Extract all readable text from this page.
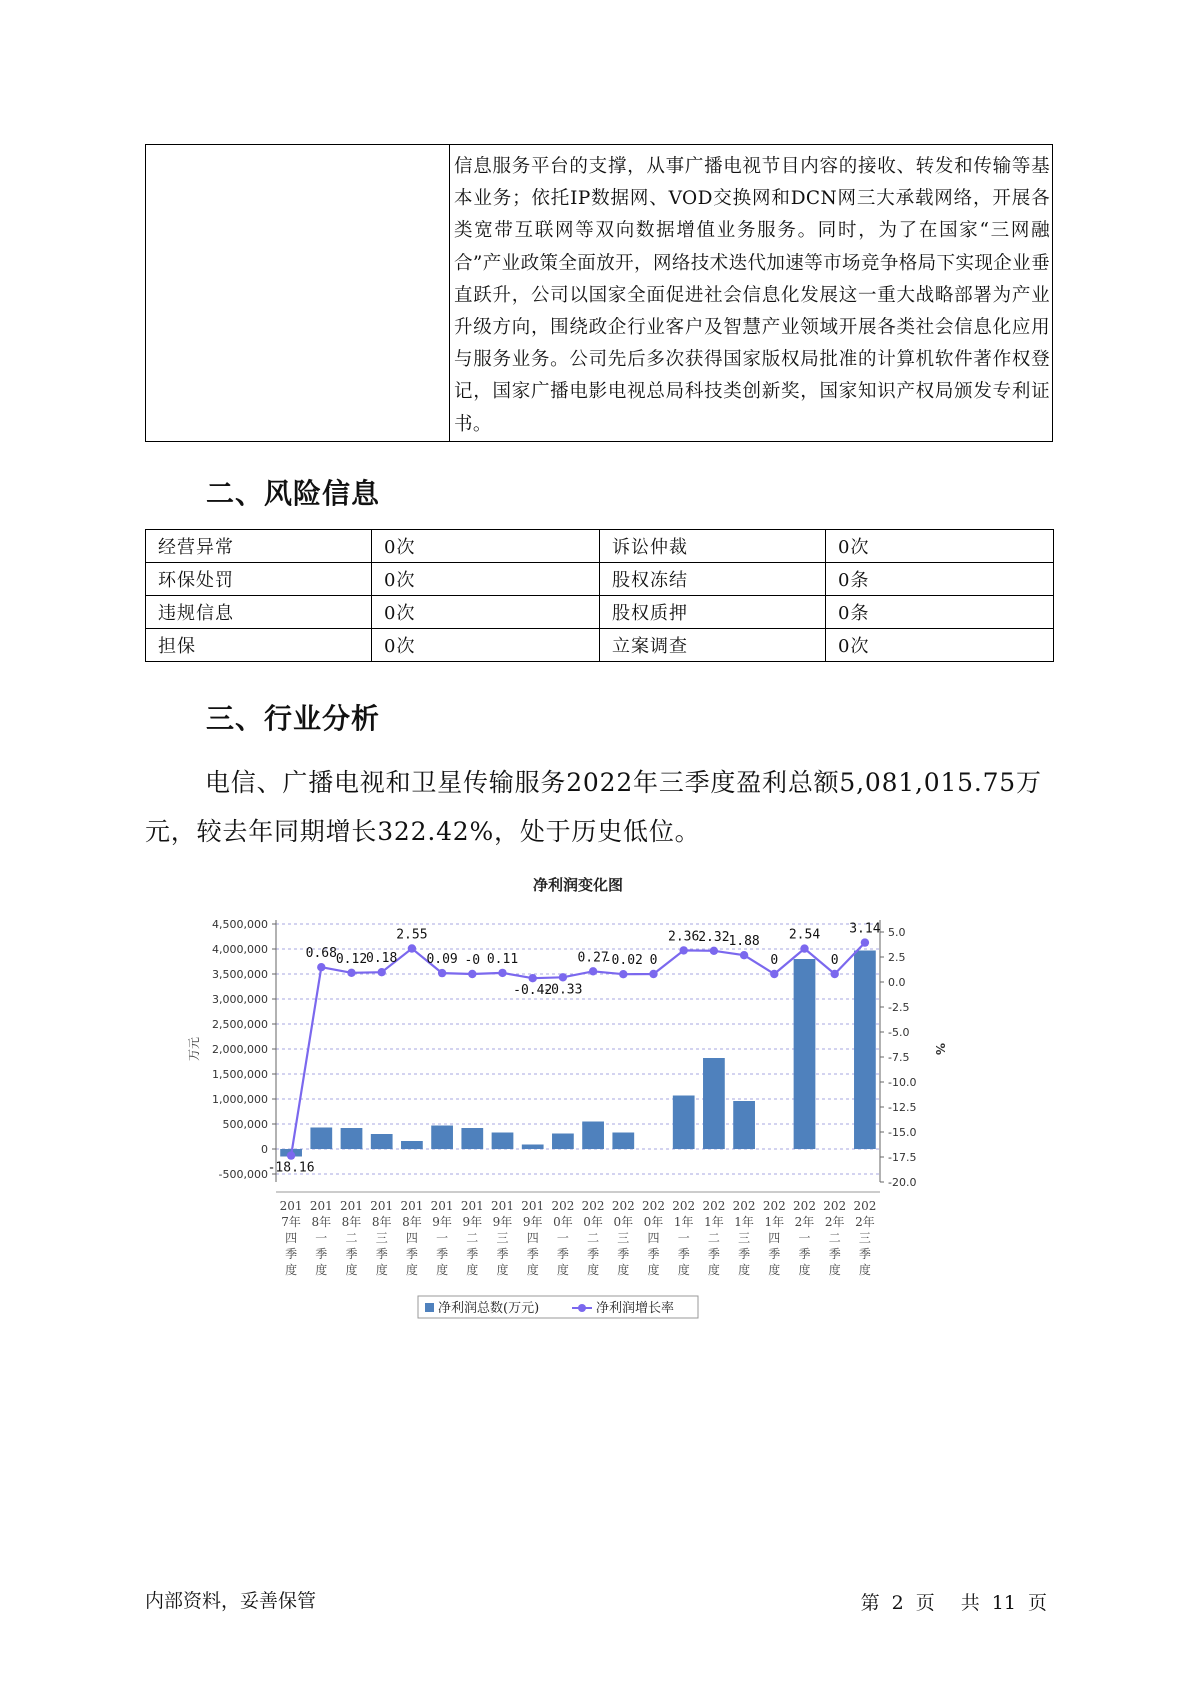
信息服务平台的支撑，从事广播电视节目内容的接收、转发和传输等基本业务；依托IP数据网、VOD交换网和DCN网三大承载网络，开展各类宽带互联网等双向数据增值业务服务。同时，为了在国家“三网融合”产业政策全面放开，网络技术迭代加速等市场竞争格局下实现企业垂直跃升，公司以国家全面促进社会信息化发展这一重大战略部署为产业升级方向，围绕政企行业客户及智慧产业领域开展各类社会信息化应用与服务业务。公司先后多次获得国家版权局批准的计算机软件著作权登记，国家广播电影电视总局科技类创新奖，国家知识产权局颁发专利证书。
二、风险信息
经营异常	0次	诉讼仲裁	0次
环保处罚	0次	股权冻结	0条
违规信息	0次	股权质押	0条
担保	0次	立案调查	0次
三、行业分析
电信、广播电视和卫星传输服务2022年三季度盈利总额5,081,015.75万元，较去年同期增长322.42%，处于历史低位。
净利润变化图
4,500,000
4,000,000
3,500,000
3,000,000
2,500,000
2,000,000
1,500,000
1,000,000
500,000
0
-500,000
5.0
2.5
0.0
-2.5
-5.0
-7.5
-10.0
-12.5
-15.0
-17.5
-20.0
万元	%
-18.16
0.68
0.12
0.18
2.55
0.09 -0 0.11
-0.42
-0.33
0.27
-0.02 0
2.36
2.32
1.88
0
2.54
0
3.14
201 7年四季度
201 8年一季度
201 8年二季度
201 8年三季度
201 8年四季度
201 9年一季度
201 9年二季度
201 9年三季度
201 9年四季度
202 0年一季度
202 0年二季度
202 0年三季度
202 0年四季度
202 1年一季度
202 1年二季度
202 1年三季度
202 1年四季度
202 2年一季度
202 2年二季度
202 2年三季度
净利润总数(万元)	净利润增长率
内部资料，妥善保管	第 2 页 共 11 页
